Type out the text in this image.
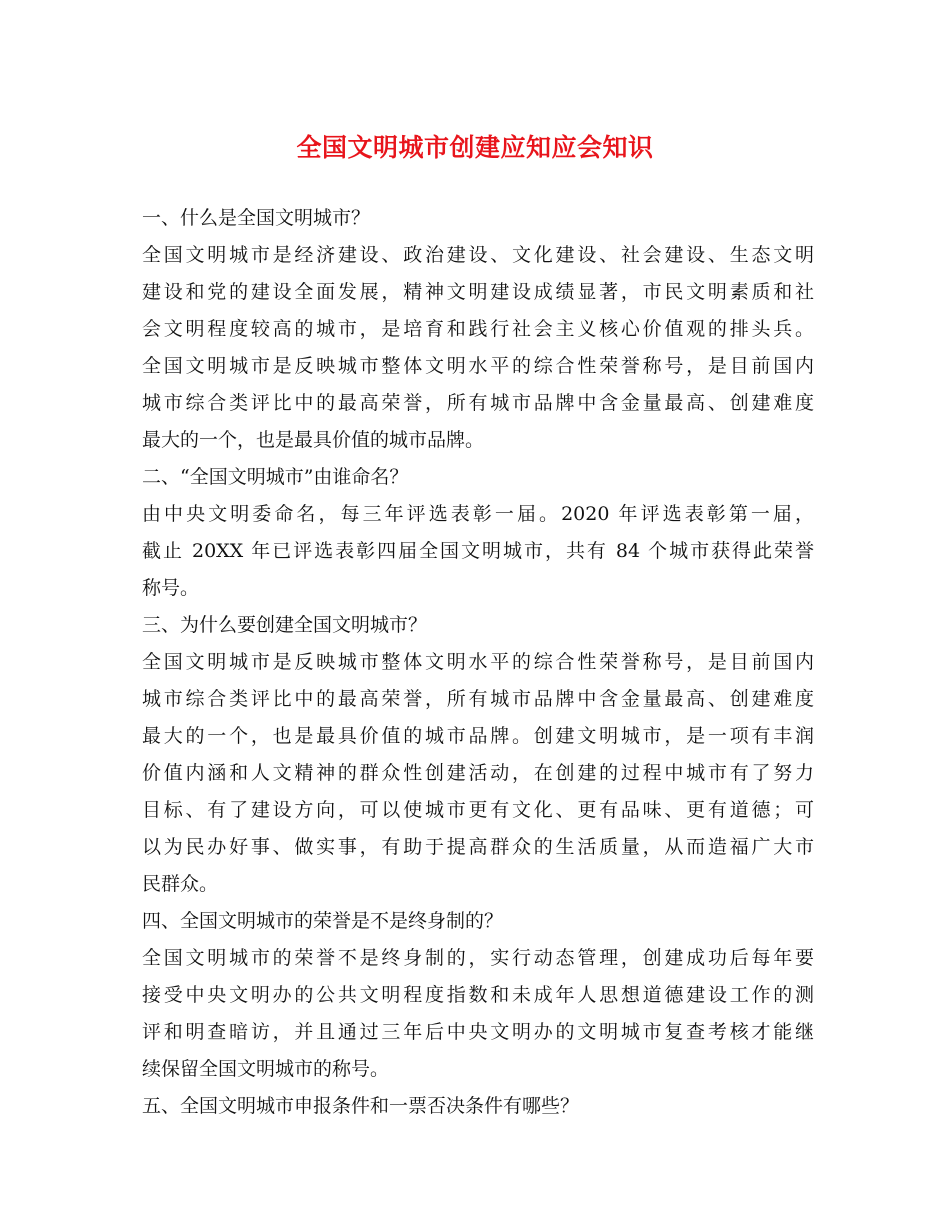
全国文明城市创建应知应会知识
一、什么是全国文明城市？
全国文明城市是经济建设、政治建设、文化建设、社会建设、生态文明
建设和党的建设全面发展，精神文明建设成绩显著，市民文明素质和社
会文明程度较高的城市，是培育和践行社会主义核心价值观的排头兵。
全国文明城市是反映城市整体文明水平的综合性荣誉称号，是目前国内
城市综合类评比中的最高荣誉，所有城市品牌中含金量最高、创建难度
最大的一个，也是最具价值的城市品牌。
二、“全国文明城市”由谁命名？
由中央文明委命名，每三年评选表彰一届。2020 年评选表彰第一届，
截止 20XX 年已评选表彰四届全国文明城市，共有 84 个城市获得此荣誉
称号。
三、为什么要创建全国文明城市？
全国文明城市是反映城市整体文明水平的综合性荣誉称号，是目前国内
城市综合类评比中的最高荣誉，所有城市品牌中含金量最高、创建难度
最大的一个，也是最具价值的城市品牌。创建文明城市，是一项有丰润
价值内涵和人文精神的群众性创建活动，在创建的过程中城市有了努力
目标、有了建设方向，可以使城市更有文化、更有品味、更有道德；可
以为民办好事、做实事，有助于提高群众的生活质量，从而造福广大市
民群众。
四、全国文明城市的荣誉是不是终身制的？
全国文明城市的荣誉不是终身制的，实行动态管理，创建成功后每年要
接受中央文明办的公共文明程度指数和未成年人思想道德建设工作的测
评和明查暗访，并且通过三年后中央文明办的文明城市复查考核才能继
续保留全国文明城市的称号。
五、全国文明城市申报条件和一票否决条件有哪些？
